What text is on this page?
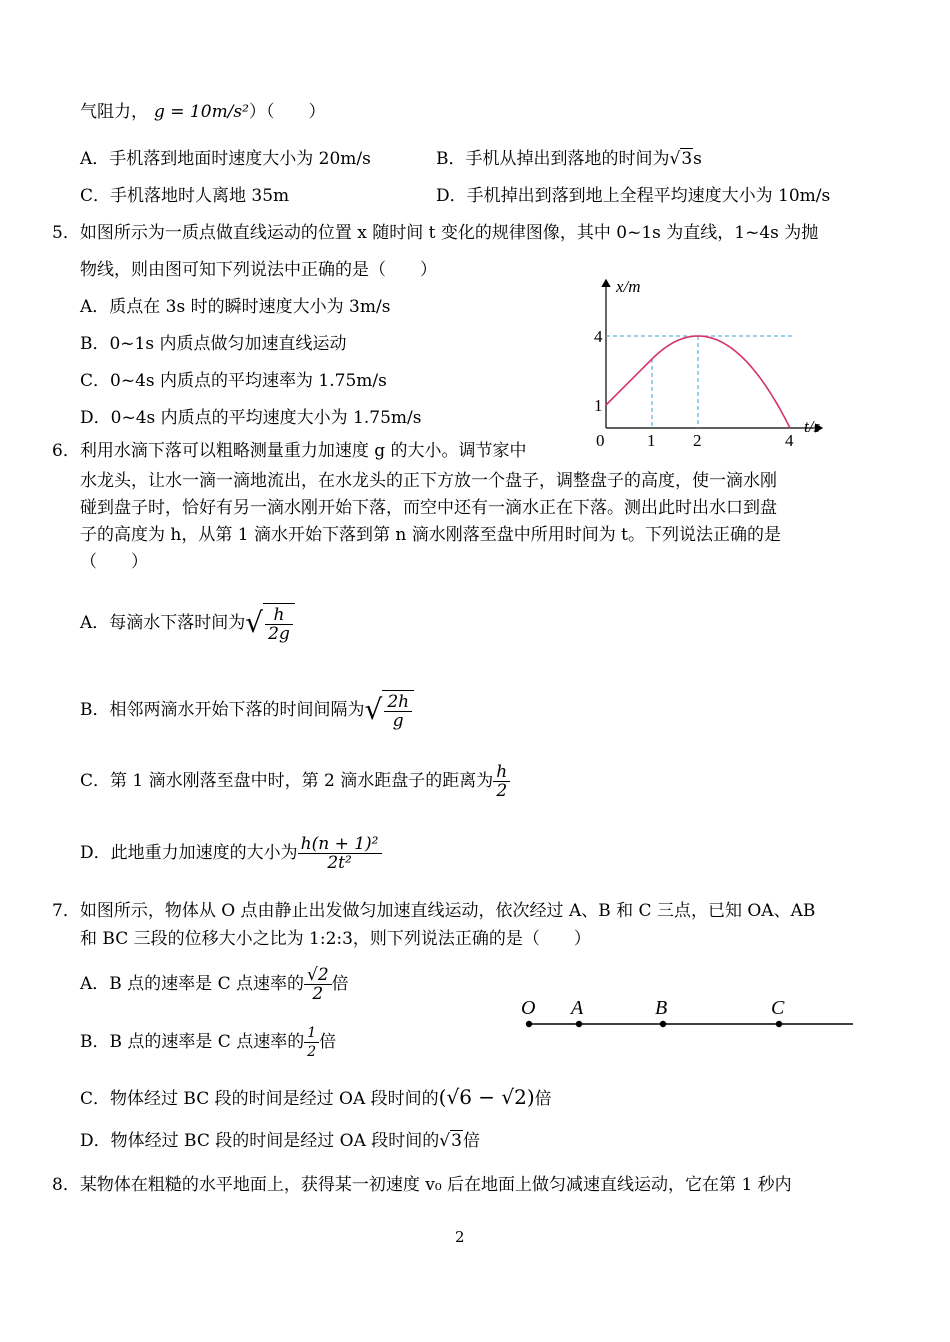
气阻力， g = 10m/s²）（　　）
A．手机落到地面时速度大小为 20m/s	B．手机从掉出到落地的时间为√3s
C．手机落地时人离地 35m	D．手机掉出到落到地上全程平均速度大小为 10m/s
5．如图所示为一质点做直线运动的位置 x 随时间 t 变化的规律图像，其中 0~1s 为直线，1~4s 为抛
物线，则由图可知下列说法中正确的是（　　）
A．质点在 3s 时的瞬时速度大小为 3m/s
B．0~1s 内质点做匀加速直线运动
C．0~4s 内质点的平均速率为 1.75m/s
D．0~4s 内质点的平均速度大小为 1.75m/s
x/m
t/s
0	1 2	4
1
4
6．利用水滴下落可以粗略测量重力加速度 g 的大小。调节家中
水龙头，让水一滴一滴地流出，在水龙头的正下方放一个盘子，调整盘子的高度，使一滴水刚
碰到盘子时，恰好有另一滴水刚开始下落，而空中还有一滴水正在下落。测出此时出水口到盘
子的高度为 h，从第 1 滴水开始下落到第 n 滴水刚落至盘中所用时间为 t。下列说法正确的是
（　　）
A．每滴水下落时间为 √ $\frac{h}{2g}$
B．相邻两滴水开始下落的时间间隔为 √ $\frac{2h}{g}$
C．第 1 滴水刚落至盘中时，第 2 滴水距盘子的距离为 $\frac{h}{2}$
D．此地重力加速度的大小为 $\frac{\text{h(n + 1)²}}{\text{2t²}}$
7．如图所示，物体从 O 点由静止出发做匀加速直线运动，依次经过 A、B 和 C 三点，已知 OA、AB
和 BC 三段的位移大小之比为 1:2:3，则下列说法正确的是（　　）
A．B 点的速率是 C 点速率的 $\frac{√2}{2}$ 倍
B．B 点的速率是 C 点速率的 $\frac{1}{2}$ 倍
C．物体经过 BC 段的时间是经过 OA 段时间的(√6 − √2)倍
D．物体经过 BC 段的时间是经过 OA 段时间的√3倍
O A	B	C
8．某物体在粗糙的水平地面上，获得某一初速度 v₀ 后在地面上做匀减速直线运动，它在第 1 秒内
2
